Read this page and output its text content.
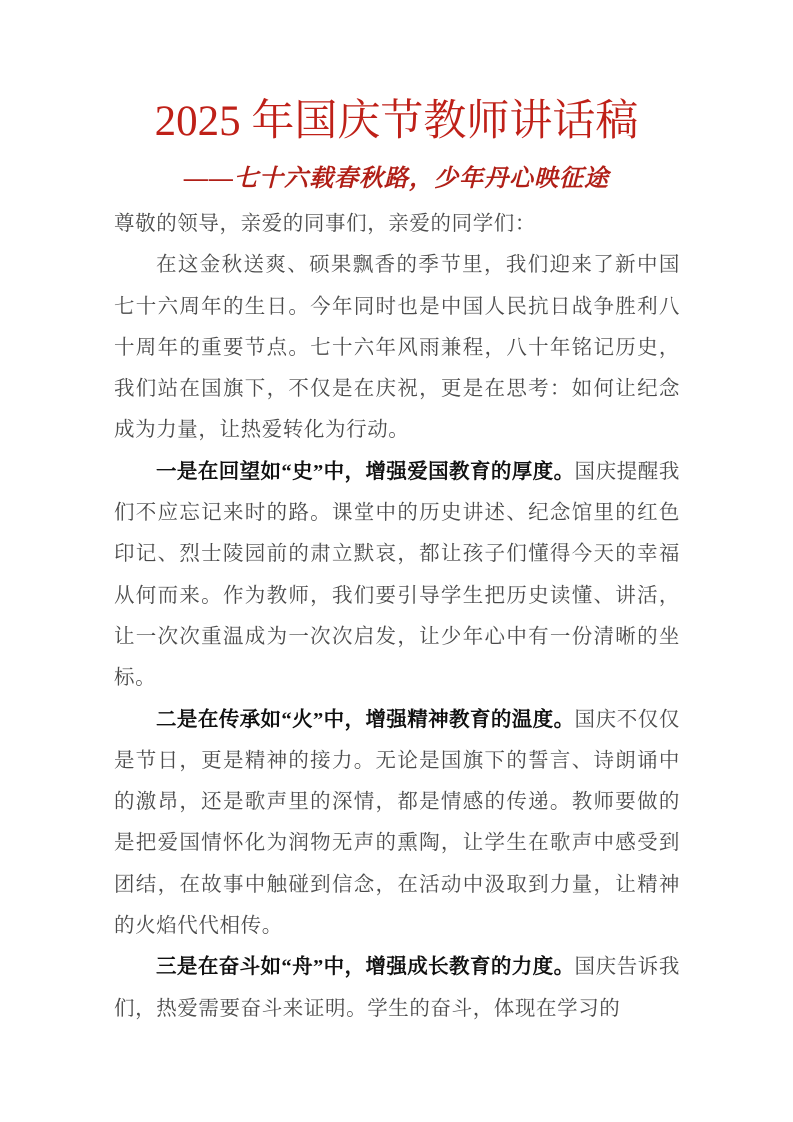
2025 年国庆节教师讲话稿
——七十六载春秋路，少年丹心映征途

尊敬的领导，亲爱的同事们，亲爱的同学们：

在这金秋送爽、硕果飘香的季节里，我们迎来了新中国七十六周年的生日。今年同时也是中国人民抗日战争胜利八十周年的重要节点。七十六年风雨兼程，八十年铭记历史，我们站在国旗下，不仅是在庆祝，更是在思考：如何让纪念成为力量，让热爱转化为行动。

一是在回望如“史”中，增强爱国教育的厚度。国庆提醒我们不应忘记来时的路。课堂中的历史讲述、纪念馆里的红色印记、烈士陵园前的肃立默哀，都让孩子们懂得今天的幸福从何而来。作为教师，我们要引导学生把历史读懂、讲活，让一次次重温成为一次次启发，让少年心中有一份清晰的坐标。

二是在传承如“火”中，增强精神教育的温度。国庆不仅仅是节日，更是精神的接力。无论是国旗下的誓言、诗朗诵中的激昂，还是歌声里的深情，都是情感的传递。教师要做的是把爱国情怀化为润物无声的熏陶，让学生在歌声中感受到团结，在故事中触碰到信念，在活动中汲取到力量，让精神的火焰代代相传。

三是在奋斗如“舟”中，增强成长教育的力度。国庆告诉我们，热爱需要奋斗来证明。学生的奋斗，体现在学习的
